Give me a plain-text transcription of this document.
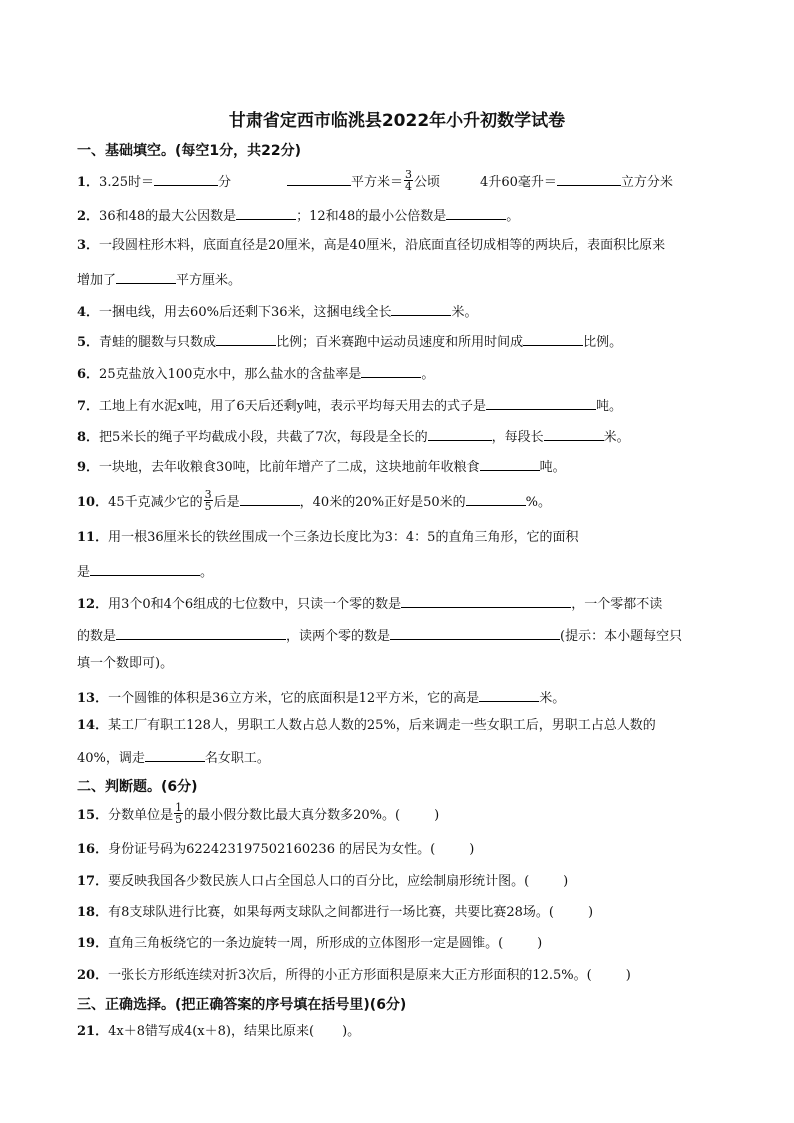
甘肃省定西市临洮县2022年小升初数学试卷
一、基础填空。(每空1分，共22分)
1．3.25时＝	分	平方米＝ $\frac{3}{4}$ 公顷	4升60毫升＝	立方分米
2．36和48的最大公因数是	；12和48的最小公倍数是	。
3．一段圆柱形木料，底面直径是20厘米，高是40厘米，沿底面直径切成相等的两块后，表面积比原来
增加了	平方厘米。
4．一捆电线，用去60%后还剩下36米，这捆电线全长	米。
5．青蛙的腿数与只数成	比例；百米赛跑中运动员速度和所用时间成	比例。
6．25克盐放入100克水中，那么盐水的含盐率是	。
7．工地上有水泥x吨，用了6天后还剩y吨，表示平均每天用去的式子是	吨。
8．把5米长的绳子平均截成小段，共截了7次，每段是全长的	，每段长	米。
9．一块地，去年收粮食30吨，比前年增产了二成，这块地前年收粮食	吨。
10．45千克减少它的 $\frac{3}{5}$ 后是	，40米的20%正好是50米的	%。
11．用一根36厘米长的铁丝围成一个三条边长度比为3：4：5的直角三角形，它的面积
是	。
12．用3个0和4个6组成的七位数中，只读一个零的数是	，一个零都不读
的数是	，读两个零的数是	(提示：本小题每空只
填一个数即可)。
13．一个圆锥的体积是36立方米，它的底面积是12平方米，它的高是	米。
14．某工厂有职工128人，男职工人数占总人数的25%，后来调走一些女职工后，男职工占总人数的
40%，调走	名女职工。
二、判断题。(6分)
15．分数单位是 $\frac{1}{5}$ 的最小假分数比最大真分数多20%。(	)
16．身份证号码为622423197502160236 的居民为女性。(	)
17．要反映我国各少数民族人口占全国总人口的百分比，应绘制扇形统计图。(	)
18．有8支球队进行比赛，如果每两支球队之间都进行一场比赛，共要比赛28场。(	)
19．直角三角板绕它的一条边旋转一周，所形成的立体图形一定是圆锥。(	)
20．一张长方形纸连续对折3次后，所得的小正方形面积是原来大正方形面积的12.5%。(	)
三、正确选择。(把正确答案的序号填在括号里)(6分)
21．4x＋8错写成4(x＋8)，结果比原来( )。
